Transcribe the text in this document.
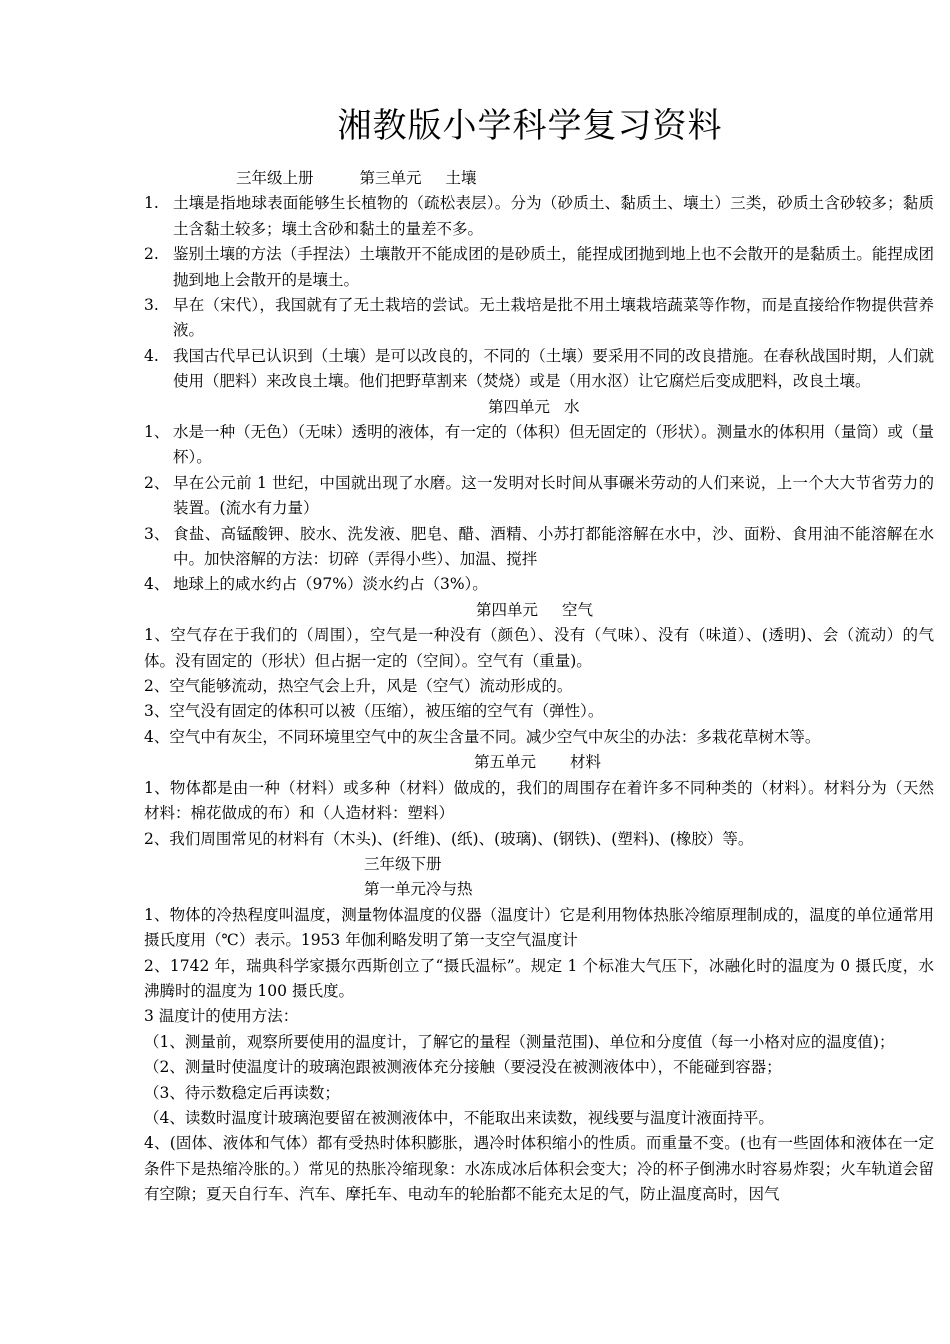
湘教版小学科学复习资料
三年级上册	第三单元 土壤
1. 土壤是指地球表面能够生长植物的（疏松表层）。分为（砂质土、黏质土、壤土）三类，砂质土含砂较多；黏质土含黏土较多；壤土含砂和黏土的量差不多。
2. 鉴别土壤的方法（手捏法）土壤散开不能成团的是砂质土，能捏成团抛到地上也不会散开的是黏质土。能捏成团抛到地上会散开的是壤土。
3. 早在（宋代），我国就有了无土栽培的尝试。无土栽培是批不用土壤栽培蔬菜等作物，而是直接给作物提供营养液。
4. 我国古代早已认识到（土壤）是可以改良的，不同的（土壤）要采用不同的改良措施。在春秋战国时期，人们就使用（肥料）来改良土壤。他们把野草割来（焚烧）或是（用水沤）让它腐烂后变成肥料，改良土壤。
第四单元 水
1、 水是一种（无色）（无味）透明的液体，有一定的（体积）但无固定的（形状）。测量水的体积用（量筒）或（量杯）。
2、 早在公元前 1 世纪，中国就出现了水磨。这一发明对长时间从事碾米劳动的人们来说，上一个大大节省劳力的装置。(流水有力量）
3、 食盐、高锰酸钾、胶水、洗发液、肥皂、醋、酒精、小苏打都能溶解在水中，沙、面粉、食用油不能溶解在水中。加快溶解的方法：切碎（弄得小些）、加温、搅拌
4、 地球上的咸水约占（97%）淡水约占（3%）。
第四单元 空气
1、空气存在于我们的（周围），空气是一种没有（颜色）、没有（气味）、没有（味道）、(透明)、会（流动）的气体。没有固定的（形状）但占据一定的（空间）。空气有（重量)。
2、空气能够流动，热空气会上升，风是（空气）流动形成的。
3、空气没有固定的体积可以被（压缩），被压缩的空气有（弹性）。
4、空气中有灰尘，不同环境里空气中的灰尘含量不同。减少空气中灰尘的办法：多栽花草树木等。
第五单元 材料
1、物体都是由一种（材料）或多种（材料）做成的，我们的周围存在着许多不同种类的（材料）。材料分为（天然材料：棉花做成的布）和（人造材料：塑料）
2、我们周围常见的材料有（木头)、(纤维)、(纸)、(玻璃)、(钢铁)、(塑料)、(橡胶）等。
三年级下册
第一单元冷与热
1、物体的冷热程度叫温度，测量物体温度的仪器（温度计）它是利用物体热胀冷缩原理制成的，温度的单位通常用摄氏度用（℃）表示。1953 年伽利略发明了第一支空气温度计
2、1742 年，瑞典科学家摄尔西斯创立了“摄氏温标”。规定 1 个标准大气压下，冰融化时的温度为 0 摄氏度，水沸腾时的温度为 100 摄氏度。
3 温度计的使用方法：
（1、测量前，观察所要使用的温度计，了解它的量程（测量范围)、单位和分度值（每一小格对应的温度值)；
（2、测量时使温度计的玻璃泡跟被测液体充分接触（要浸没在被测液体中），不能碰到容器；
（3、待示数稳定后再读数；
（4、读数时温度计玻璃泡要留在被测液体中，不能取出来读数，视线要与温度计液面持平。
4、(固体、液体和气体）都有受热时体积膨胀，遇冷时体积缩小的性质。而重量不变。(也有一些固体和液体在一定条件下是热缩冷胀的。）常见的热胀冷缩现象：水冻成冰后体积会变大；冷的杯子倒沸水时容易炸裂；火车轨道会留有空隙；夏天自行车、汽车、摩托车、电动车的轮胎都不能充太足的气，防止温度高时，因气
